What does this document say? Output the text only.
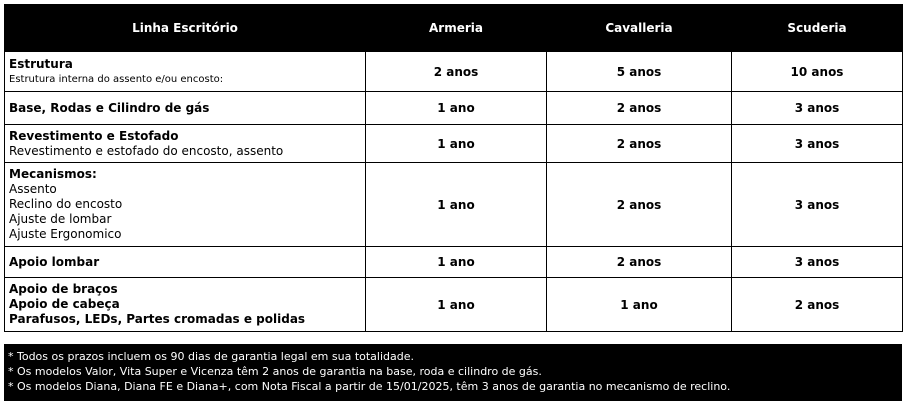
Linha Escritório	Armeria	Cavalleria	Scuderia

Estrutura
Estrutura interna do assento e/ou encosto:	2 anos	5 anos	10 anos

Base, Rodas e Cilindro de gás	1 ano	2 anos	3 anos

Revestimento e Estofado
Revestimento e estofado do encosto, assento	1 ano	2 anos	3 anos

Mecanismos:
Assento
Reclino do encosto
Ajuste de lombar
Ajuste Ergonomico	1 ano	2 anos	3 anos

Apoio lombar	1 ano	2 anos	3 anos

Apoio de braços
Apoio de cabeça
Parafusos, LEDs, Partes cromadas e polidas	1 ano	1 ano	2 anos
* Todos os prazos incluem os 90 dias de garantia legal em sua totalidade.
* Os modelos Valor, Vita Super e Vicenza têm 2 anos de garantia na base, roda e cilindro de gás.
* Os modelos Diana, Diana FE e Diana+, com Nota Fiscal a partir de 15/01/2025, têm 3 anos de garantia no mecanismo de reclino.
